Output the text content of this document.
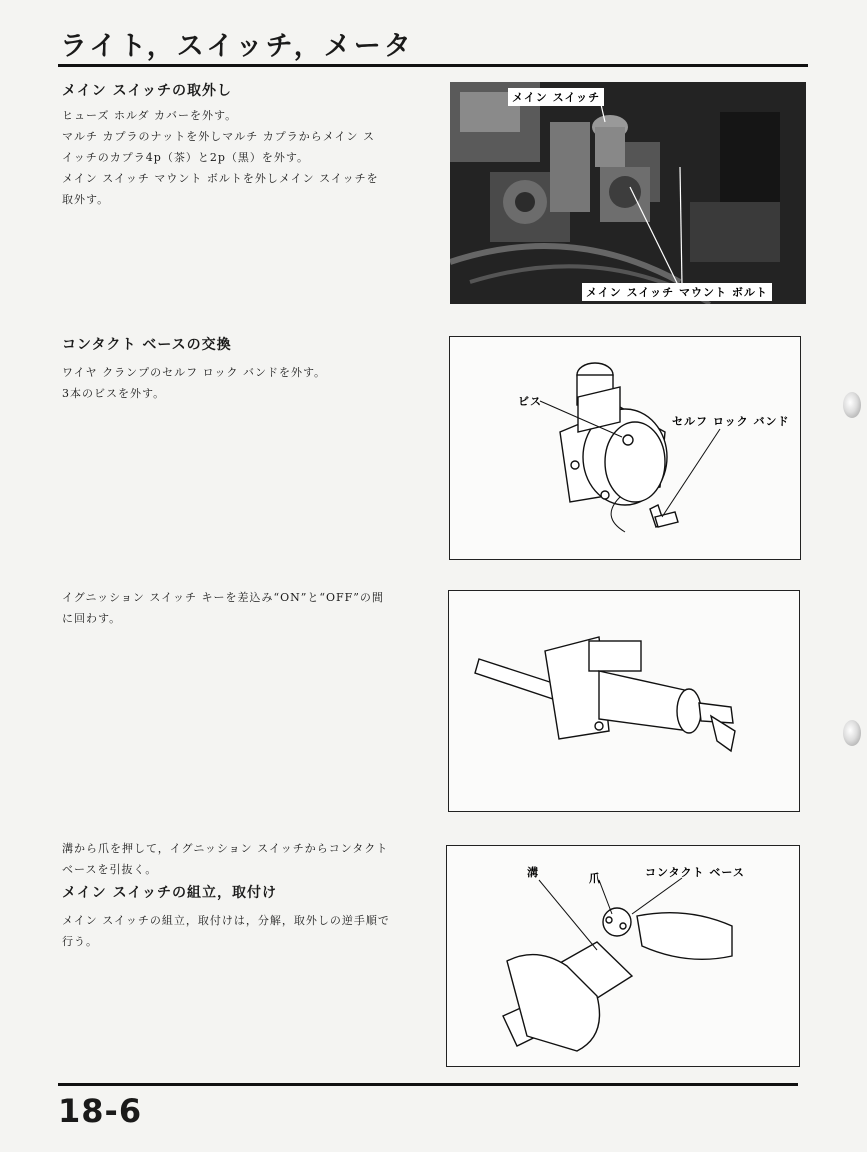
ライト，スイッチ，メータ
メイン スイッチの取外し
ヒューズ ホルダ カバーを外す。
マルチ カプラのナットを外しマルチ カプラからメイン ス
イッチのカプラ4p（茶）と2p（黒）を外す。
メイン スイッチ マウント ボルトを外しメイン スイッチを
取外す。
メイン スイッチ
メイン スイッチ マウント ボルト
コンタクト ベースの交換
ワイヤ クランプのセルフ ロック バンドを外す。
3本のビスを外す。
ビス
セルフ ロック バンド
イグニッション スイッチ キーを差込み“ON”と“OFF”の間
に回わす。
溝から爪を押して，イグニッション スイッチからコンタクト
ベースを引抜く。
メイン スイッチの組立，取付け
メイン スイッチの組立，取付けは，分解，取外しの逆手順で
行う。
溝	爪	コンタクト ベース
18-6
